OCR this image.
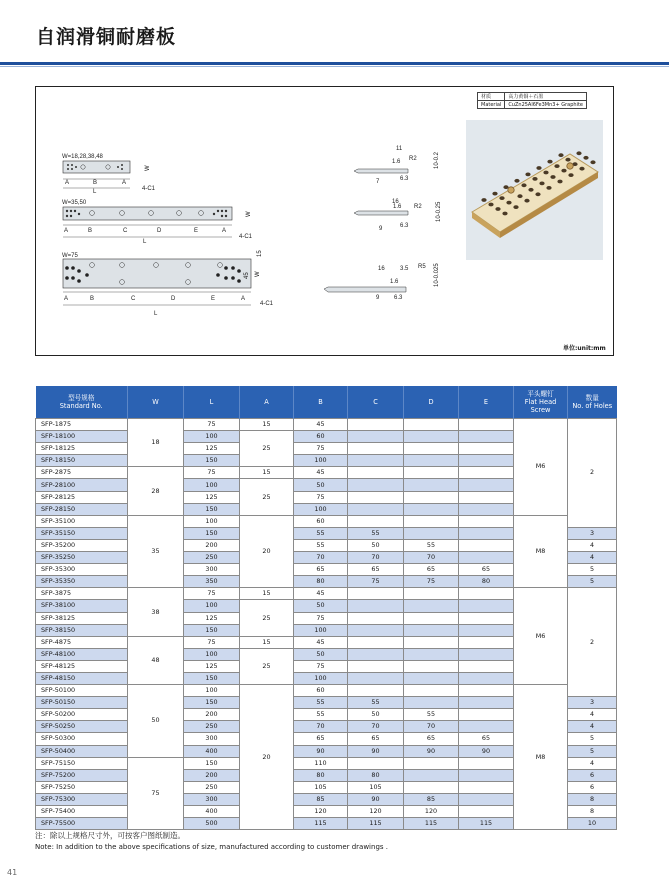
自润滑铜耐磨板
材质	高力黄铜＋石墨
Material	CuZn25Al6Fe3Mn3+ Graphite
W=18,28,38,48
A	B	A
L	4-C1
W
W=35,50
A	B	C	D	E	A
L
4-C1
W
W=75
A	B	C	D	E	A
L
4-C1
W
45
15
11
1.6 R2
7	6.3
10-0.2
16
1.6 R2
9	6.3
10-0.25
16	3.5 R5
1.6
9 6.3
10-0.025
单位:unit:mm
型号规格
Standard No.	W	L	A	B	C	D	E	平头螺钉
Flat Head
Screw	数量
No. of Holes
SFP-1875	18	75	15	45				M6	2
SFP-18100		100	25	60					
SFP-18125		125		75					
SFP-18150		150		100					
SFP-2875	28	75	15	45					
SFP-28100		100	25	50					
SFP-28125		125		75					
SFP-28150		150		100					
SFP-35100	35	100	20	60				M8	
SFP-35150		150		55	55				3
SFP-35200		200		55	50	55			4
SFP-35250		250		70	70	70			4
SFP-35300		300		65	65	65	65		5
SFP-35350		350		80	75	75	80		5
SFP-3875	38	75	15	45				M6	2
SFP-38100		100	25	50					
SFP-38125		125		75					
SFP-38150		150		100					
SFP-4875	48	75	15	45					
SFP-48100		100	25	50					
SFP-48125		125		75					
SFP-48150		150		100					
SFP-50100	50	100	20	60				M8	
SFP-50150		150		55	55				3
SFP-50200		200		55	50	55			4
SFP-50250		250		70	70	70			4
SFP-50300		300		65	65	65	65		5
SFP-50400		400		90	90	90	90		5
SFP-75150	75	150		110					4
SFP-75200		200		80	80				6
SFP-75250		250		105	105				6
SFP-75300		300		85	90	85			8
SFP-75400		400		120	120	120			8
SFP-75500		500		115	115	115	115		10
注：除以上规格尺寸外，可按客户图纸制造。
Note: In addition to the above specifications of size, manufactured according to customer drawings .
41
